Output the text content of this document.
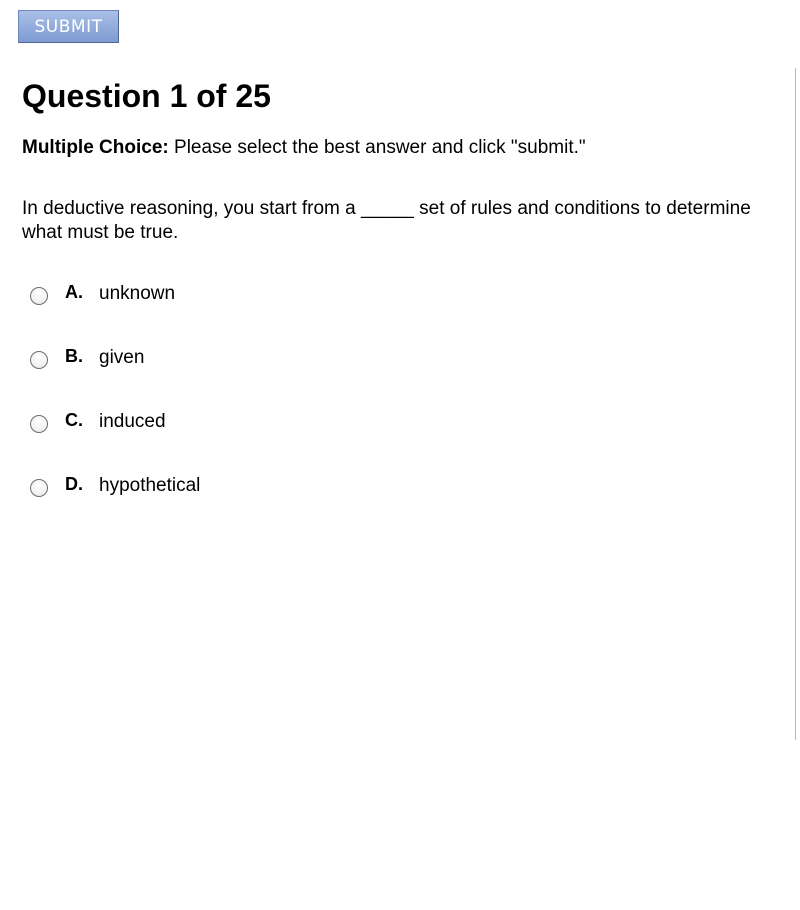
SUBMIT
Question 1 of 25
Multiple Choice: Please select the best answer and click "submit."
In deductive reasoning, you start from a _____ set of rules and conditions to determine what must be true.
A. unknown
B. given
C. induced
D. hypothetical
